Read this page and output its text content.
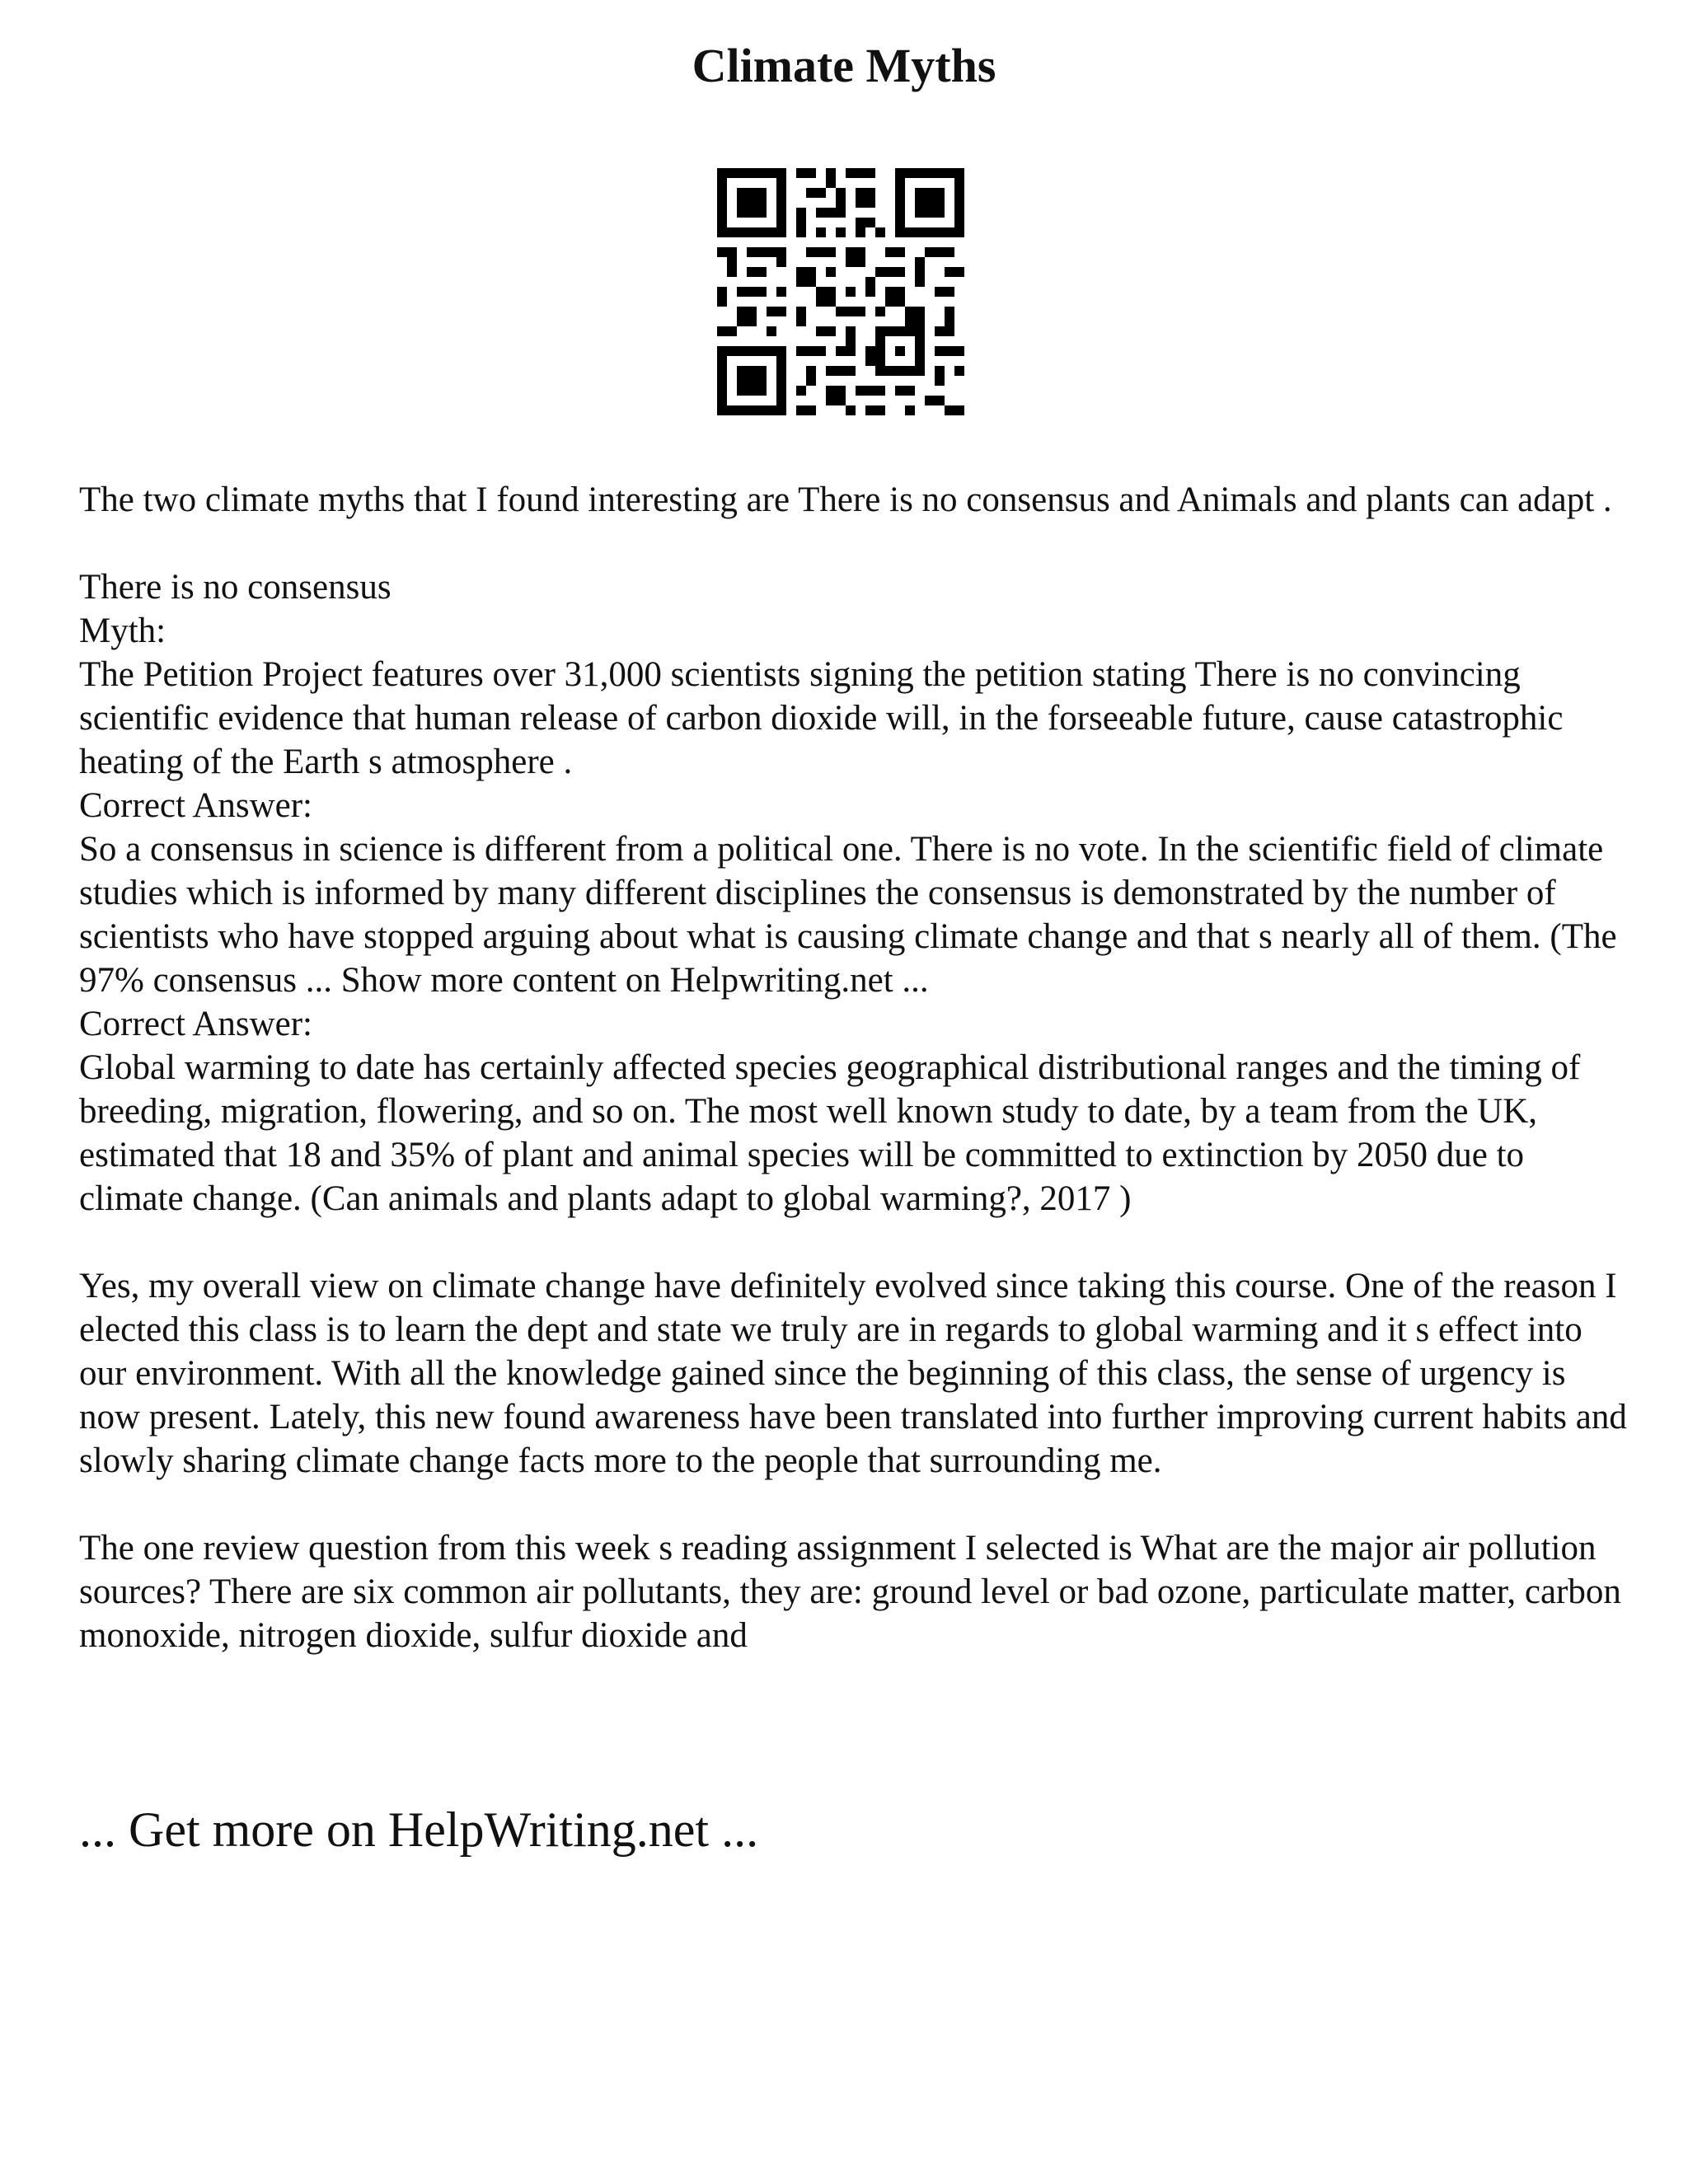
Climate Myths

The two climate myths that I found interesting are There is no consensus and Animals and plants can adapt .

There is no consensus

Myth:

The Petition Project features over 31,000 scientists signing the petition stating There is no convincing scientific evidence that human release of carbon dioxide will, in the forseeable future, cause catastrophic heating of the Earth s atmosphere .

Correct Answer:

So a consensus in science is different from a political one. There is no vote. In the scientific field of climate studies which is informed by many different disciplines the consensus is demonstrated by the number of scientists who have stopped arguing about what is causing climate change and that s nearly all of them. (The 97% consensus ... Show more content on Helpwriting.net ...

Correct Answer:

Global warming to date has certainly affected species geographical distributional ranges and the timing of breeding, migration, flowering, and so on. The most well known study to date, by a team from the UK, estimated that 18 and 35% of plant and animal species will be committed to extinction by 2050 due to climate change. (Can animals and plants adapt to global warming?, 2017 )

Yes, my overall view on climate change have definitely evolved since taking this course. One of the reason I elected this class is to learn the dept and state we truly are in regards to global warming and it s effect into our environment. With all the knowledge gained since the beginning of this class, the sense of urgency is now present. Lately, this new found awareness have been translated into further improving current habits and slowly sharing climate change facts more to the people that surrounding me.

The one review question from this week s reading assignment I selected is What are the major air pollution sources? There are six common air pollutants, they are: ground level or bad ozone, particulate matter, carbon monoxide, nitrogen dioxide, sulfur dioxide and

... Get more on HelpWriting.net ...
